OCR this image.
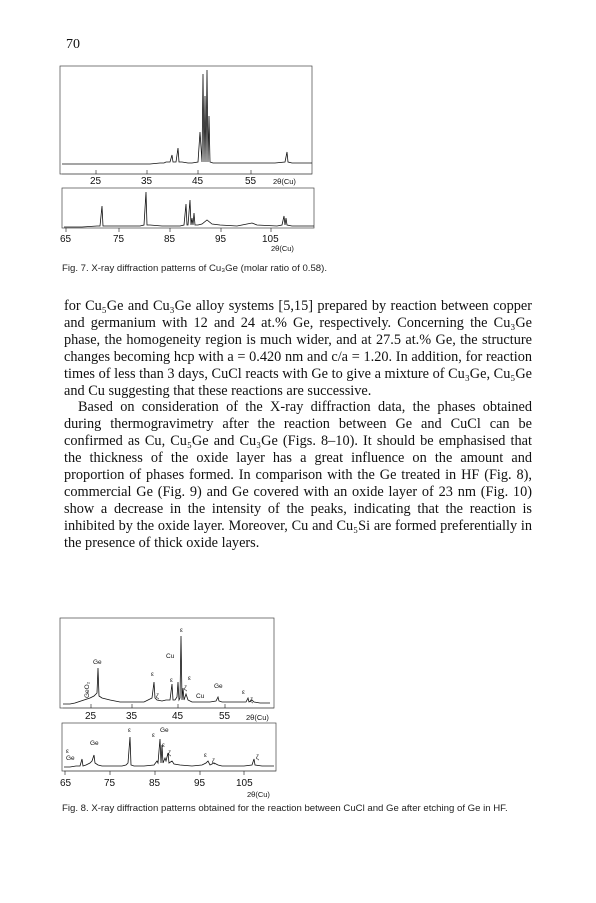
70
25	35	45	55 2θ(Cu)
65	75	85	95	105
2θ(Cu)
Fig. 7. X-ray diffraction patterns of Cu₃Ge (molar ratio of 0.58).

for Cu₅Ge and Cu₃Ge alloy systems [5,15] prepared by reaction between copper and germanium with 12 and 24 at.% Ge, respectively. Concerning the Cu₃Ge phase, the homogeneity region is much wider, and at 27.5 at.% Ge, the structure changes becoming hcp with a = 0.420 nm and c/a = 1.20. In addition, for reaction times of less than 3 days, CuCl reacts with Ge to give a mixture of Cu₃Ge, Cu₅Ge and Cu suggesting that these reactions are successive.

Based on consideration of the X-ray diffraction data, the phases obtained during thermogravimetry after the reaction between Ge and CuCl can be confirmed as Cu, Cu₅Ge and Cu₃Ge (Figs. 8–10). It should be emphasised that the thickness of the oxide layer has a great influence on the amount and proportion of phases formed. In comparison with the Ge treated in HF (Fig. 8), commercial Ge (Fig. 9) and Ge covered with an oxide layer of 23 nm (Fig. 10) show a decrease in the intensity of the peaks, indicating that the reaction is inhibited by the oxide layer. Moreover, Cu and Cu₅Si are formed preferentially in the presence of thick oxide layers.

Ge
GeO₂
Cu
ε
ε
ε
ζ
ζ
ε
Cu
Ge
ε
ζ
25	35	45	55 2θ(Cu)
ε
Ge
Ge
ε
ε
Ge
ε
ζ	ε
ζ
ζ
65	75	85	95	105
2θ(Cu)
Fig. 8. X-ray diffraction patterns obtained for the reaction between CuCl and Ge after etching of Ge in HF.
